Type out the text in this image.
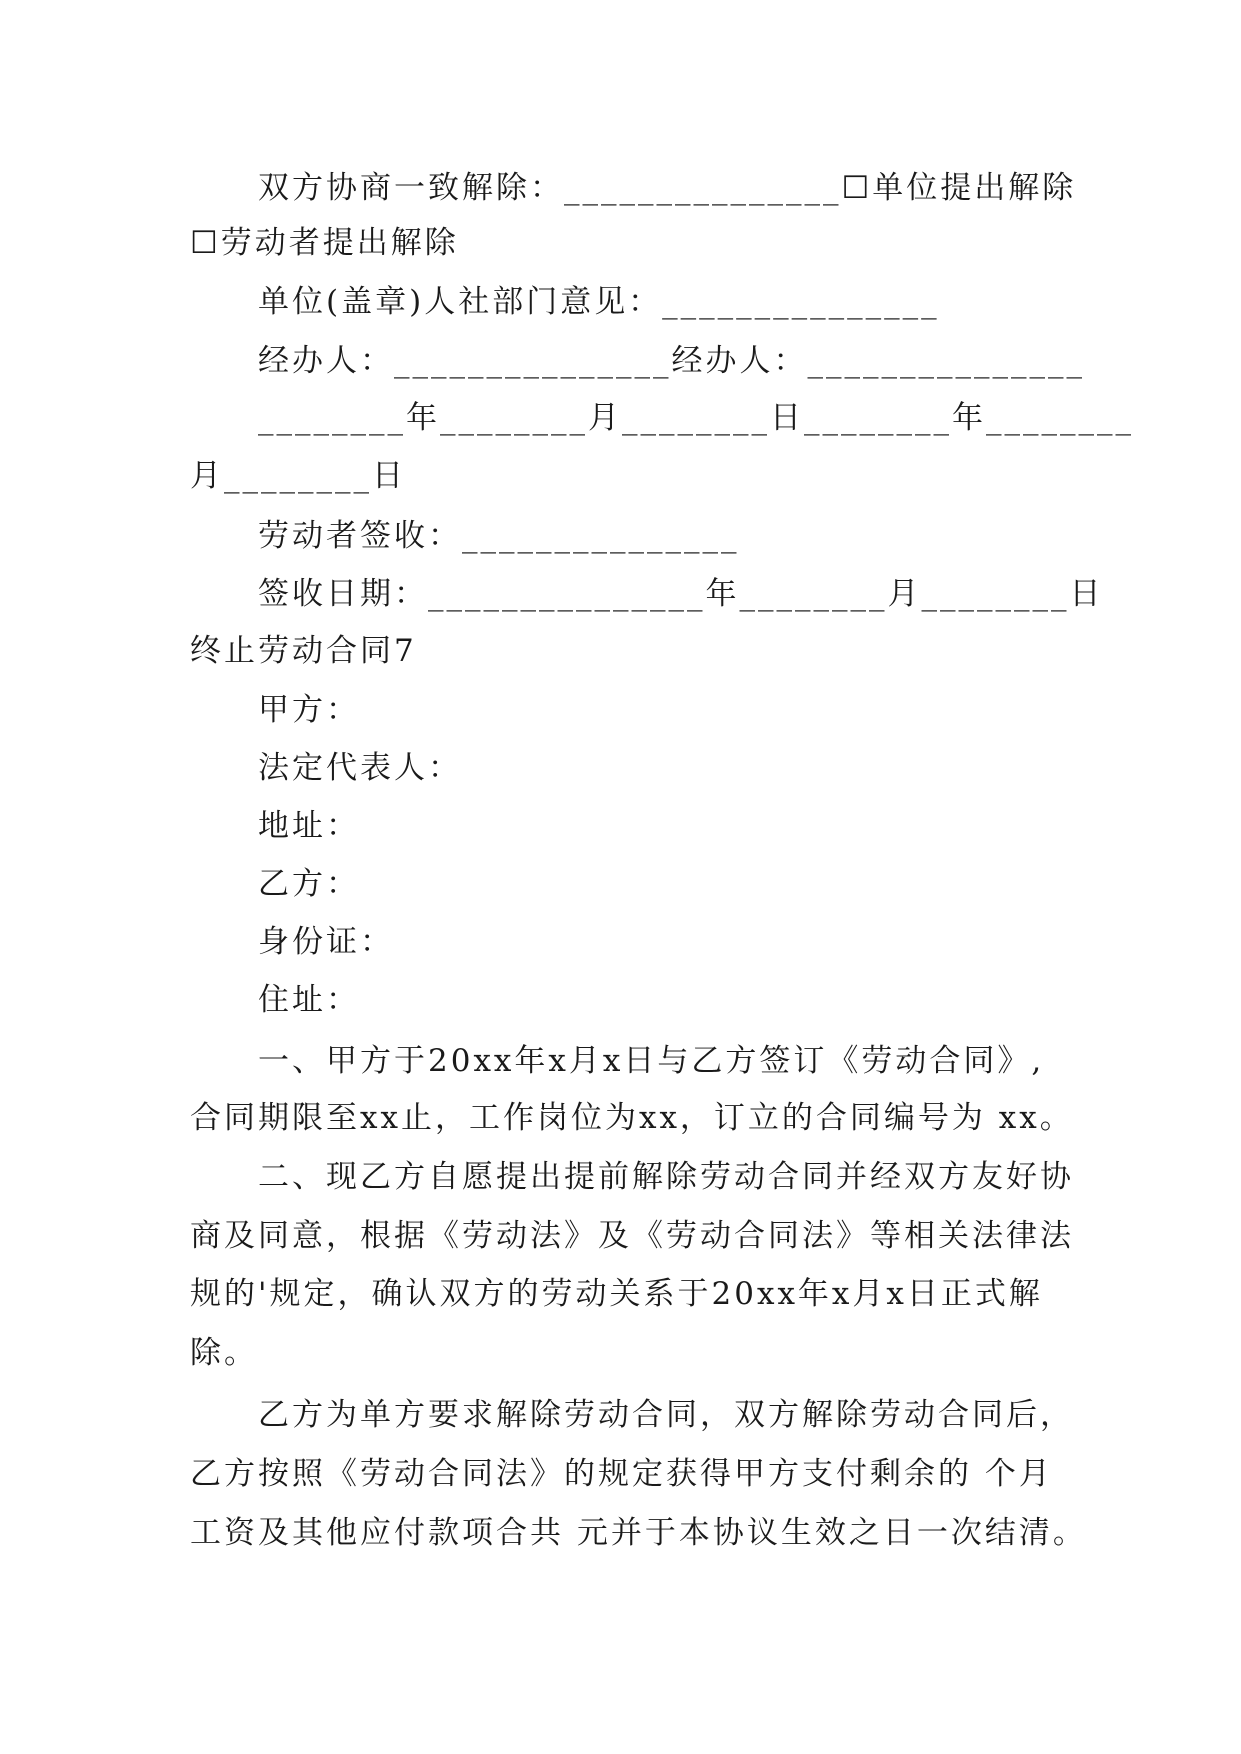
双方协商一致解除：_______________☐单位提出解除
☐劳动者提出解除
单位(盖章)人社部门意见：_______________
经办人：_______________经办人：_______________
________年________月________日________年________
月________日
劳动者签收：_______________
签收日期：_______________年________月________日
终止劳动合同7
甲方：
法定代表人：
地址：
乙方：
身份证：
住址：
一、甲方于20xx年x月x日与乙方签订《劳动合同》,
合同期限至xx止，工作岗位为xx，订立的合同编号为 xx。
二、现乙方自愿提出提前解除劳动合同并经双方友好协
商及同意，根据《劳动法》及《劳动合同法》等相关法律法
规的'规定，确认双方的劳动关系于20xx年x月x日正式解
除。
乙方为单方要求解除劳动合同，双方解除劳动合同后，
乙方按照《劳动合同法》的规定获得甲方支付剩余的 个月
工资及其他应付款项合共 元并于本协议生效之日一次结清。
